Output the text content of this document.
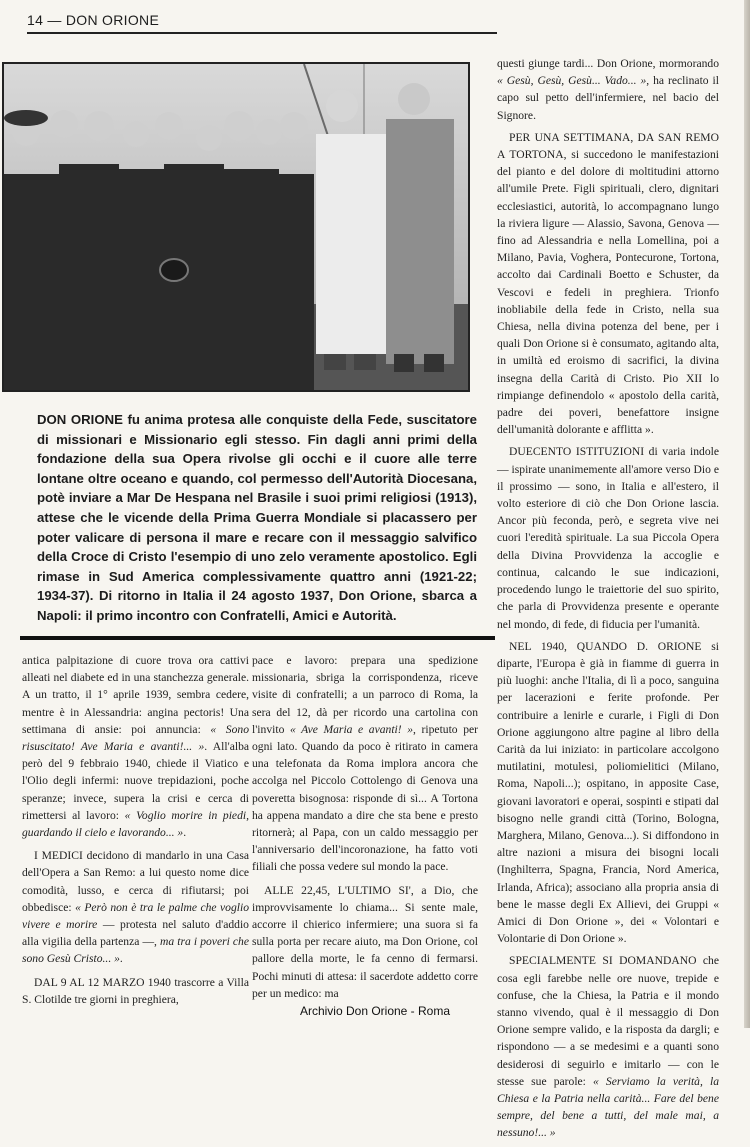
14 — DON ORIONE
DON ORIONE fu anima protesa alle conquiste della Fede, suscitatore di missionari e Missionario egli stesso. Fin dagli anni primi della fondazione della sua Opera rivolse gli occhi e il cuore alle terre lontane oltre oceano e quando, col permesso dell'Autorità Diocesana, potè inviare a Mar De Hespana nel Brasile i suoi primi religiosi (1913), attese che le vicende della Prima Guerra Mondiale si placassero per poter valicare di persona il mare e recare con il messaggio salvifico della Croce di Cristo l'esempio di uno zelo veramente apostolico. Egli rimase in Sud America complessivamente quattro anni (1921-22; 1934-37). Di ritorno in Italia il 24 agosto 1937, Don Orione, sbarca a Napoli: il primo incontro con Confratelli, Amici e Autorità.

antica palpitazione di cuore trova ora cattivi alleati nel diabete ed in una stanchezza generale. A un tratto, il 1° aprile 1939, sembra cedere, mentre è in Alessandria: angina pectoris! Una settimana di ansie: poi annuncia: « Sono risuscitato! Ave Maria e avanti!... ». All'alba però del 9 febbraio 1940, chiede il Viatico e l'Olio degli infermi: nuove trepidazioni, poche speranze; invece, supera la crisi e cerca di rimettersi al lavoro: « Voglio morire in piedi, guardando il cielo e lavorando... ».

I MEDICI decidono di mandarlo in una Casa dell'Opera a San Remo: a lui questo nome dice comodità, lusso, e cerca di rifiutarsi; poi obbedisce: « Però non è tra le palme che voglio vivere e morire — protesta nel saluto d'addio alla vigilia della partenza —, ma tra i poveri che sono Gesù Cristo... ».

DAL 9 AL 12 MARZO 1940 trascorre a Villa S. Clotilde tre giorni in preghiera,

pace e lavoro: prepara una spedizione missionaria, sbriga la corrispondenza, riceve visite di confratelli; a un parroco di Roma, la sera del 12, dà per ricordo una cartolina con l'invito « Ave Maria e avanti! », ripetuto per ogni lato. Quando da poco è ritirato in camera una telefonata da Roma implora ancora che accolga nel Piccolo Cottolengo di Genova una poveretta bisognosa: risponde di sì... A Tortona ha appena mandato a dire che sta bene e presto ritornerà; al Papa, con un caldo messaggio per l'anniversario dell'incoronazione, ha fatto voti filiali che possa vedere sul mondo la pace.

ALLE 22,45, L'ULTIMO SI', a Dio, che improvvisamente lo chiama... Si sente male, accorre il chierico infermiere; una suora si fa sulla porta per recare aiuto, ma Don Orione, col pallore della morte, le fa cenno di fermarsi. Pochi minuti di attesa: il sacerdote addetto corre per un medico: ma

questi giunge tardi... Don Orione, mormorando « Gesù, Gesù, Gesù... Vado... », ha reclinato il capo sul petto dell'infermiere, nel bacio del Signore.

PER UNA SETTIMANA, DA SAN REMO A TORTONA, si succedono le manifestazioni del pianto e del dolore di moltitudini attorno all'umile Prete. Figli spirituali, clero, dignitari ecclesiastici, autorità, lo accompagnano lungo la riviera ligure — Alassio, Savona, Genova — fino ad Alessandria e nella Lomellina, poi a Milano, Pavia, Voghera, Pontecurone, Tortona, accolto dai Cardinali Boetto e Schuster, da Vescovi e fedeli in preghiera. Trionfo inobliabile della fede in Cristo, nella sua Chiesa, nella divina potenza del bene, per i quali Don Orione si è consumato, agitando alta, in umiltà ed eroismo di sacrifici, la divina insegna della Carità di Cristo. Pio XII lo rimpiange definendolo « apostolo della carità, padre dei poveri, benefattore insigne dell'umanità dolorante e afflitta ».

DUECENTO ISTITUZIONI di varia indole — ispirate unanimemente all'amore verso Dio e il prossimo — sono, in Italia e all'estero, il volto esteriore di ciò che Don Orione lascia. Ancor più feconda, però, e segreta vive nei cuori l'eredità spirituale. La sua Piccola Opera della Divina Provvidenza la accoglie e continua, calcando le sue indicazioni, procedendo lungo le traiettorie del suo spirito, che parla di Provvidenza presente e operante nel mondo, di fede, di fiducia per l'umanità.

NEL 1940, QUANDO D. ORIONE si diparte, l'Europa è già in fiamme di guerra in più luoghi: anche l'Italia, di lì a poco, sanguina per lacerazioni e ferite profonde. Per contribuire a lenirle e curarle, i Figli di Don Orione aggiungono altre pagine al libro della Carità da lui iniziato: in particolare accolgono mutilatini, motulesi, poliomielitici (Milano, Roma, Napoli...); ospitano, in apposite Case, giovani lavoratori e operai, sospinti e stipati dal bisogno nelle grandi città (Torino, Bologna, Marghera, Milano, Genova...). Si diffondono in altre nazioni a misura dei bisogni locali (Inghilterra, Spagna, Francia, Nord America, Irlanda, Africa); associano alla propria ansia di bene le masse degli Ex Allievi, dei Gruppi « Amici di Don Orione », dei « Volontari e Volontarie di Don Orione ».

SPECIALMENTE SI DOMANDANO che cosa egli farebbe nelle ore nuove, trepide e confuse, che la Chiesa, la Patria e il mondo stanno vivendo, qual è il messaggio di Don Orione sempre valido, e la risposta da dargli; e rispondono — a se medesimi e a quanti sono desiderosi di seguirlo e imitarlo — con le stesse sue parole: « Serviamo la verità, la Chiesa e la Patria nella carità... Fare del bene sempre, del bene a tutti, del male mai, a nessuno!... »

Archivio Don Orione - Roma
